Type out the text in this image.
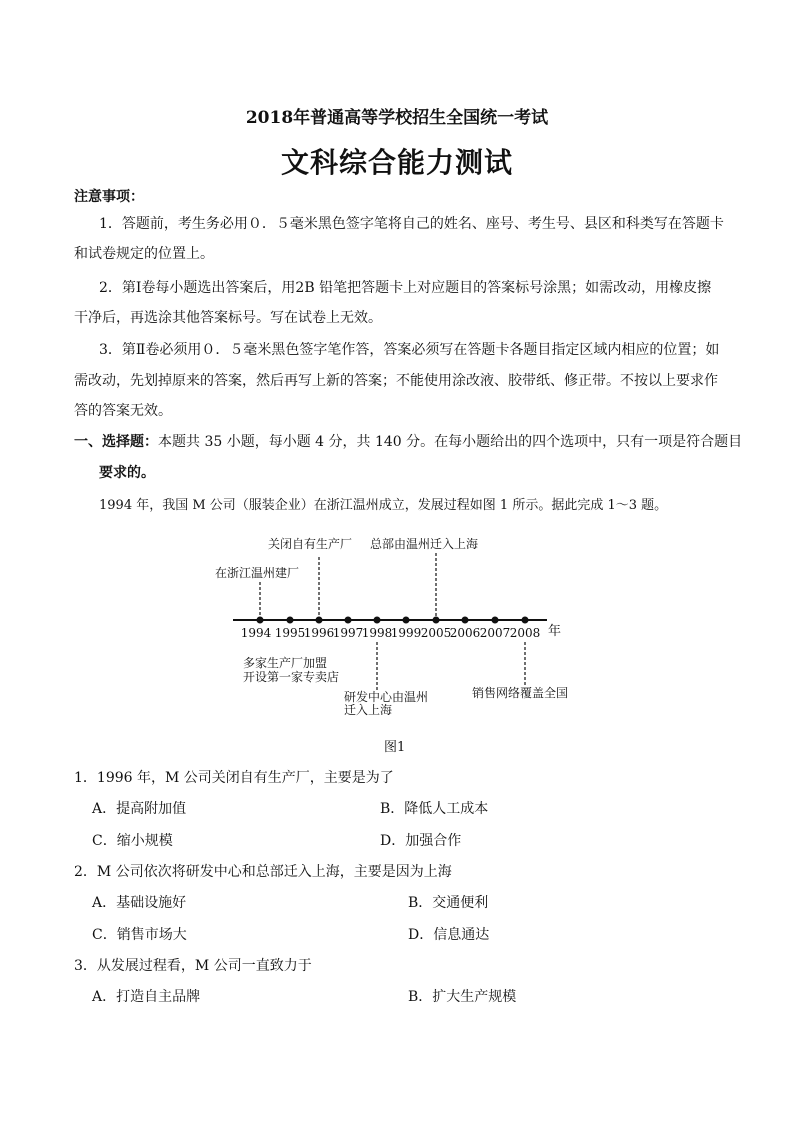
2018年普通高等学校招生全国统一考试
文科综合能力测试
注意事项：
1．答题前，考生务必用０．５毫米黑色签字笔将自己的姓名、座号、考生号、县区和科类写在答题卡
和试卷规定的位置上。
2．第Ⅰ卷每小题选出答案后，用2B 铅笔把答题卡上对应题目的答案标号涂黑；如需改动，用橡皮擦
干净后，再选涂其他答案标号。写在试卷上无效。
3．第Ⅱ卷必须用０．５毫米黑色签字笔作答，答案必须写在答题卡各题目指定区域内相应的位置；如
需改动，先划掉原来的答案，然后再写上新的答案；不能使用涂改液、胶带纸、修正带。不按以上要求作
答的答案无效。
一、选择题：本题共 35 小题，每小题 4 分，共 140 分。在每小题给出的四个选项中，只有一项是符合题目
要求的。
1994 年，我国 M 公司（服装企业）在浙江温州成立，发展过程如图 1 所示。据此完成 1～3 题。
1994 1995
1996
1997
1998
1999 2005
2006 2007 2008 年
在浙江温州建厂
关闭自有生产厂 总部由温州迁入上海
多家生产厂加盟
开设第一家专卖店
研发中心由温州
迁入上海
销售网络覆盖全国
图1
1．1996 年，M 公司关闭自有生产厂，主要是为了
A．提高附加值	B．降低人工成本
C．缩小规模	D．加强合作
2．M 公司依次将研发中心和总部迁入上海，主要是因为上海
A．基础设施好	B．交通便利
C．销售市场大	D．信息通达
3．从发展过程看，M 公司一直致力于
A．打造自主品牌	B．扩大生产规模
